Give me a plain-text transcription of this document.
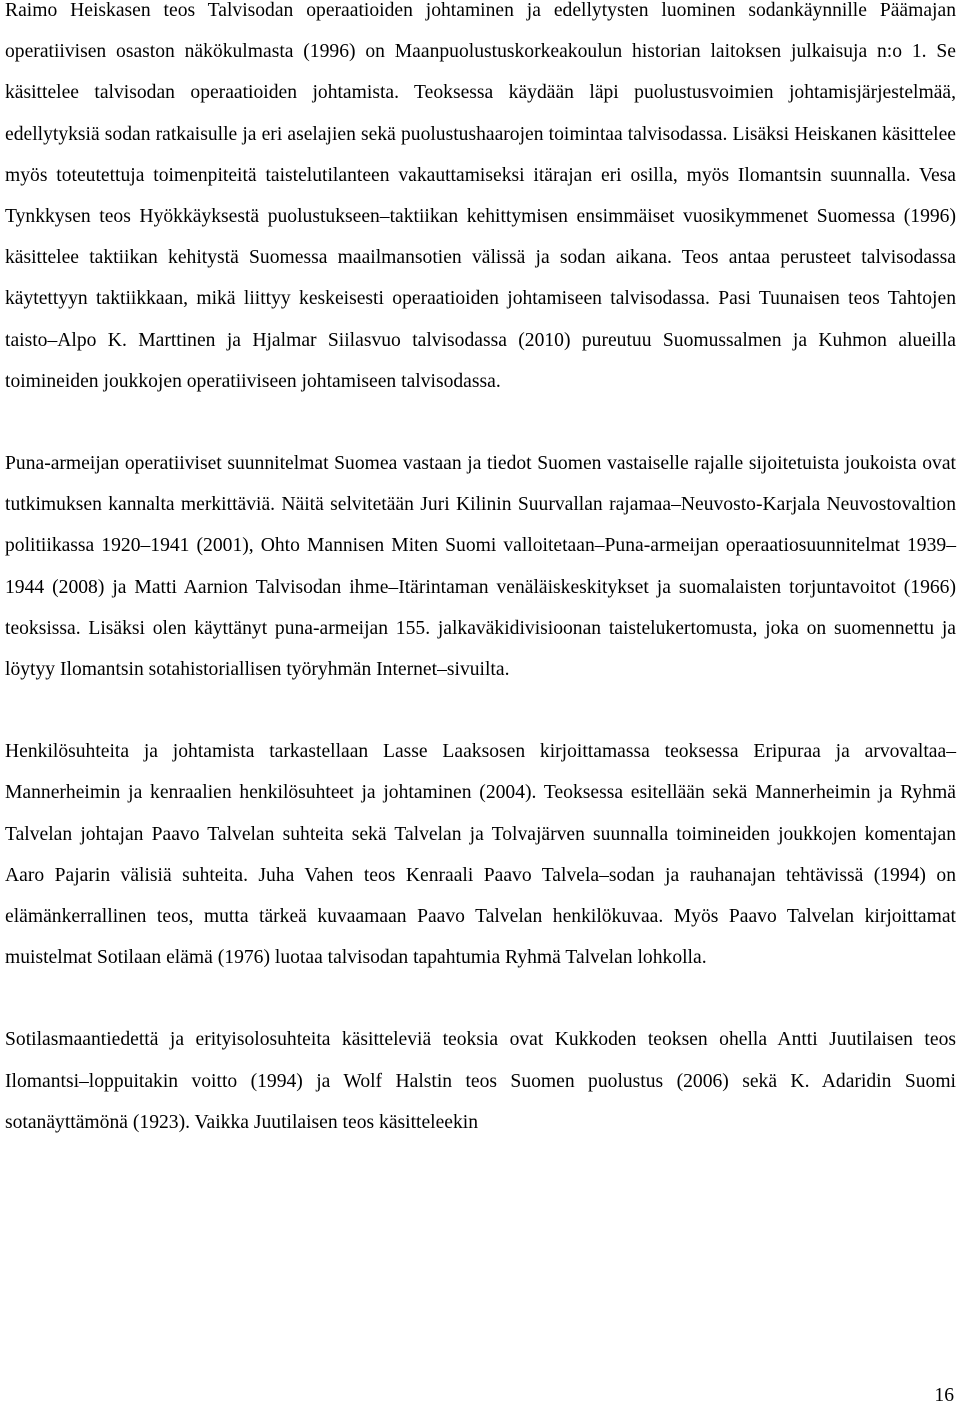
Raimo Heiskasen teos Talvisodan operaatioiden johtaminen ja edellytysten luominen sodankäynnille Päämajan operatiivisen osaston näkökulmasta (1996) on Maanpuolustuskorkeakoulun historian laitoksen julkaisuja n:o 1. Se käsittelee talvisodan operaatioiden johtamista. Teoksessa käydään läpi puolustusvoimien johtamisjärjestelmää, edellytyksiä sodan ratkaisulle ja eri aselajien sekä puolustushaarojen toimintaa talvisodassa. Lisäksi Heiskanen käsittelee myös toteutettuja toimenpiteitä taistelutilanteen vakauttamiseksi itärajan eri osilla, myös Ilomantsin suunnalla. Vesa Tynkkysen teos Hyökkäyksestä puolustukseen–taktiikan kehittymisen ensimmäiset vuosikymmenet Suomessa (1996) käsittelee taktiikan kehitystä Suomessa maailmansotien välissä ja sodan aikana. Teos antaa perusteet talvisodassa käytettyyn taktiikkaan, mikä liittyy keskeisesti operaatioiden johtamiseen talvisodassa. Pasi Tuunaisen teos Tahtojen taisto–Alpo K. Marttinen ja Hjalmar Siilasvuo talvisodassa (2010) pureutuu Suomussalmen ja Kuhmon alueilla toimineiden joukkojen operatiiviseen johtamiseen talvisodassa.

Puna-armeijan operatiiviset suunnitelmat Suomea vastaan ja tiedot Suomen vastaiselle rajalle sijoitetuista joukoista ovat tutkimuksen kannalta merkittäviä. Näitä selvitetään Juri Kilinin Suurvallan rajamaa–Neuvosto-Karjala Neuvostovaltion politiikassa 1920–1941 (2001), Ohto Mannisen Miten Suomi valloitetaan–Puna-armeijan operaatiosuunnitelmat 1939–1944 (2008) ja Matti Aarnion Talvisodan ihme–Itärintaman venäläiskeskitykset ja suomalaisten torjuntavoitot (1966) teoksissa. Lisäksi olen käyttänyt puna-armeijan 155. jalkaväkidivisioonan taistelukertomusta, joka on suomennettu ja löytyy Ilomantsin sotahistoriallisen työryhmän Internet–sivuilta.

Henkilösuhteita ja johtamista tarkastellaan Lasse Laaksosen kirjoittamassa teoksessa Eripuraa ja arvovaltaa–Mannerheimin ja kenraalien henkilösuhteet ja johtaminen (2004). Teoksessa esitellään sekä Mannerheimin ja Ryhmä Talvelan johtajan Paavo Talvelan suhteita sekä Talvelan ja Tolvajärven suunnalla toimineiden joukkojen komentajan Aaro Pajarin välisiä suhteita. Juha Vahen teos Kenraali Paavo Talvela–sodan ja rauhanajan tehtävissä (1994) on elämänkerrallinen teos, mutta tärkeä kuvaamaan Paavo Talvelan henkilökuvaa. Myös Paavo Talvelan kirjoittamat muistelmat Sotilaan elämä (1976) luotaa talvisodan tapahtumia Ryhmä Talvelan lohkolla.

Sotilasmaantiedettä ja erityisolosuhteita käsitteleviä teoksia ovat Kukkoden teoksen ohella Antti Juutilaisen teos Ilomantsi–loppuitakin voitto (1994) ja Wolf Halstin teos Suomen puolustus (2006) sekä K. Adaridin Suomi sotanäyttämönä (1923). Vaikka Juutilaisen teos käsitteleekin

16
